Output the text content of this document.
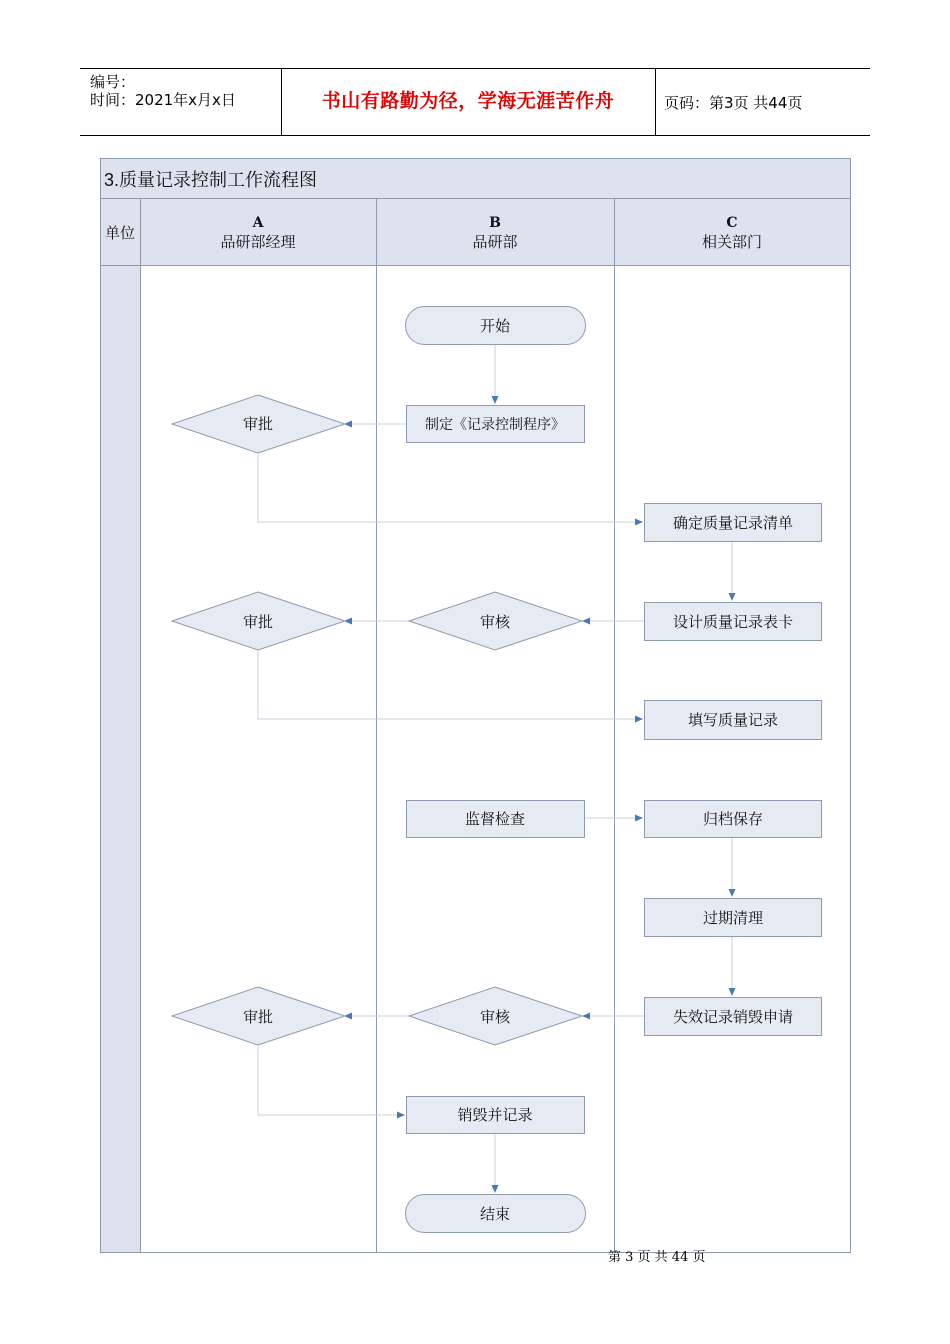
编号：
时间：2021年x月x日	书山有路勤为径，学海无涯苦作舟	页码：第3页 共44页
3.质量记录控制工作流程图
单位
A
品研部经理
B
品研部
C
相关部门
开始
制定《记录控制程序》
审批
确定质量记录清单
设计质量记录表卡
审核
审批
填写质量记录
监督检查	归档保存
过期清理
失效记录销毁申请
审核
审批
销毁并记录
结束
第 3 页 共 44 页
